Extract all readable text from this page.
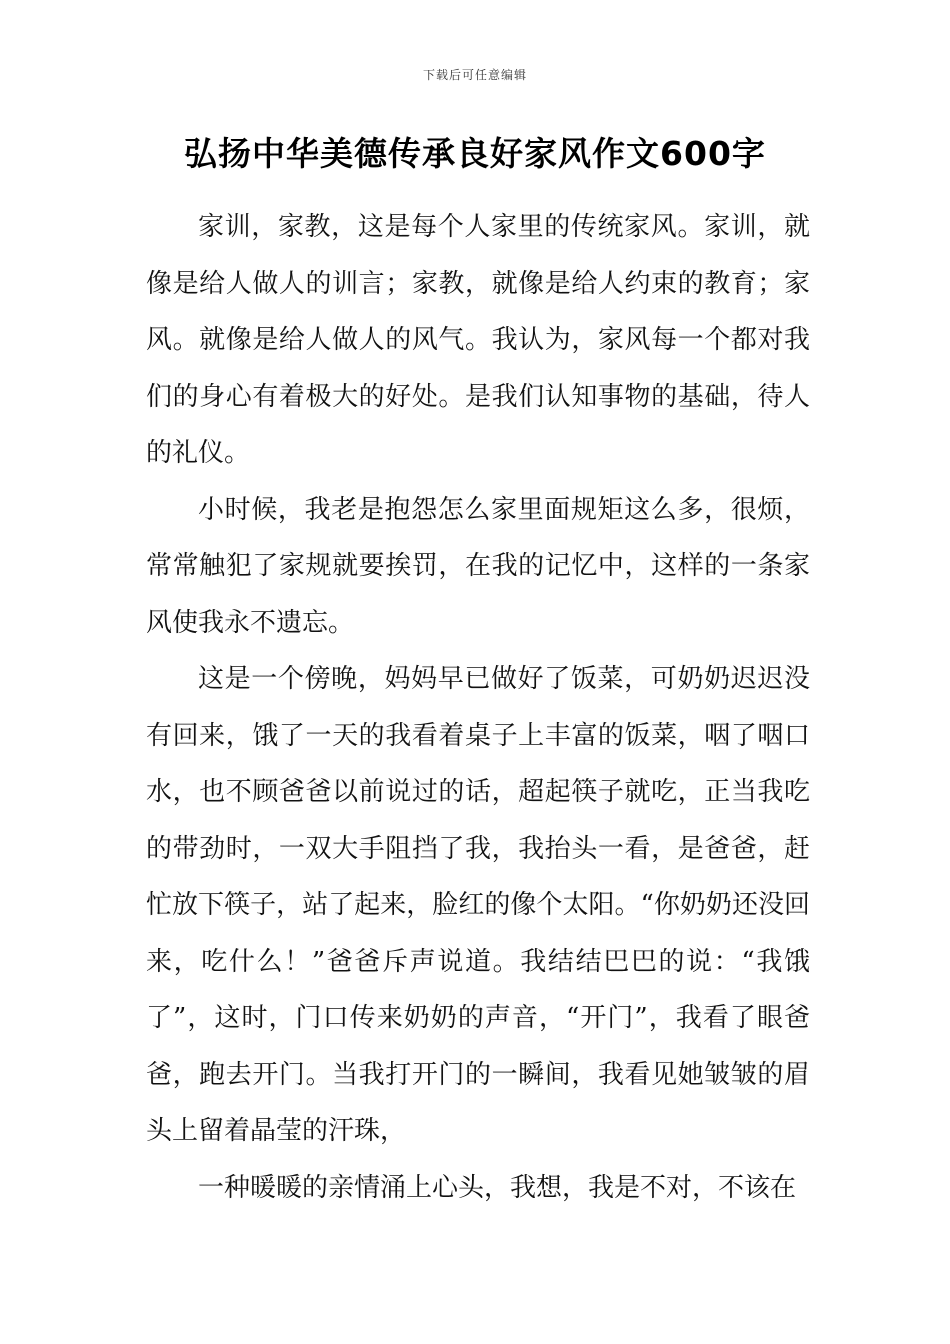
下载后可任意编辑
弘扬中华美德传承良好家风作文600字

家训，家教，这是每个人家里的传统家风。家训，就像是给人做人的训言；家教，就像是给人约束的教育；家风。就像是给人做人的风气。我认为，家风每一个都对我们的身心有着极大的好处。是我们认知事物的基础，待人的礼仪。

小时候，我老是抱怨怎么家里面规矩这么多，很烦，常常触犯了家规就要挨罚，在我的记忆中，这样的一条家风使我永不遗忘。

这是一个傍晚，妈妈早已做好了饭菜，可奶奶迟迟没有回来，饿了一天的我看着桌子上丰富的饭菜，咽了咽口水，也不顾爸爸以前说过的话，超起筷子就吃，正当我吃的带劲时，一双大手阻挡了我，我抬头一看，是爸爸，赶忙放下筷子，站了起来，脸红的像个太阳。“你奶奶还没回来，吃什么！”爸爸斥声说道。我结结巴巴的说：“我饿了”，这时，门口传来奶奶的声音，“开门”，我看了眼爸爸，跑去开门。当我打开门的一瞬间，我看见她皱皱的眉头上留着晶莹的汗珠，

一种暖暖的亲情涌上心头，我想，我是不对，不该在
